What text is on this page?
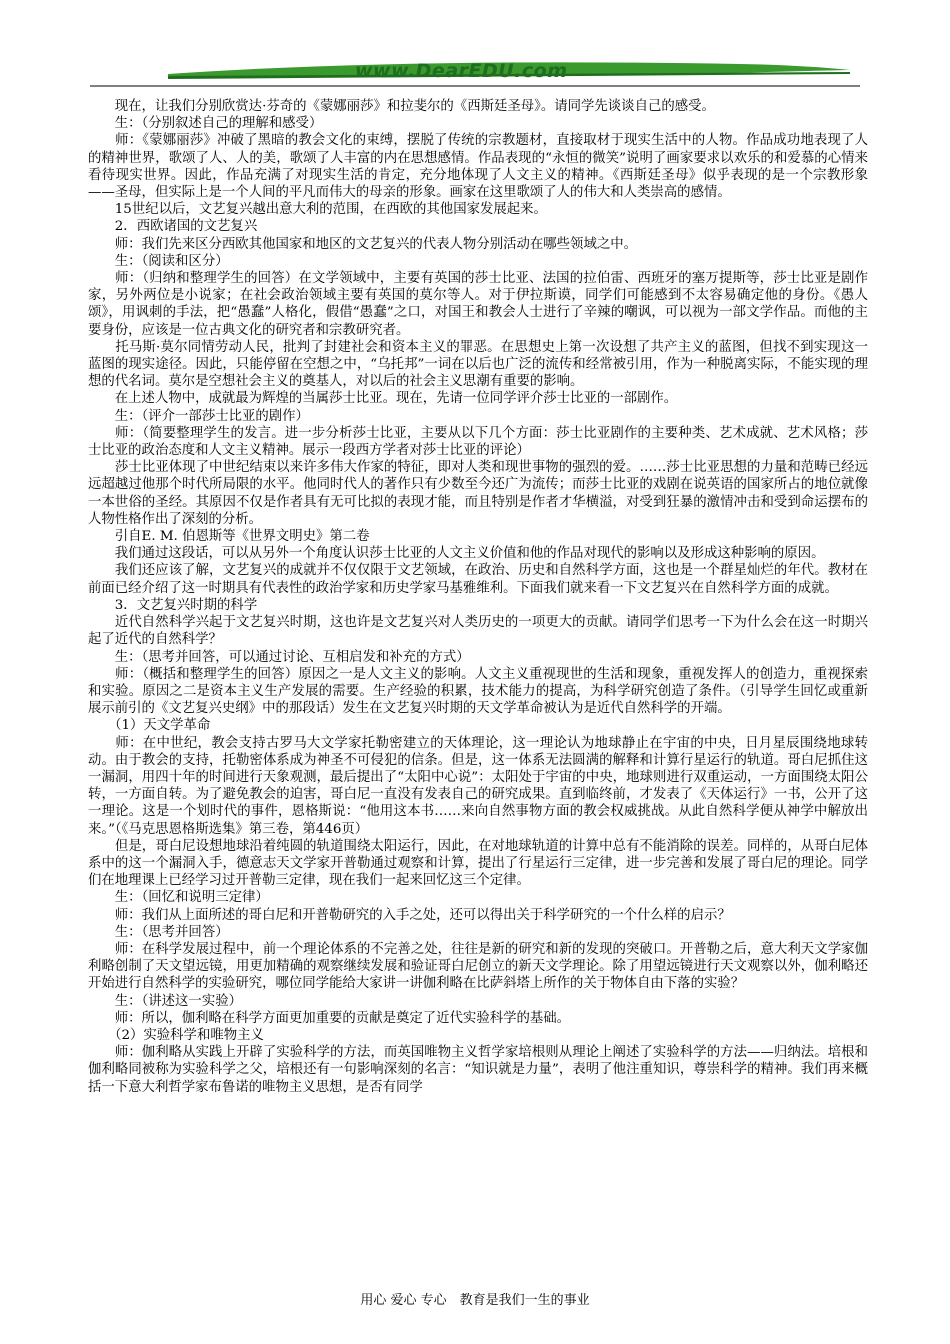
www.DearEDU.com

　　现在，让我们分别欣赏达·芬奇的《蒙娜丽莎》和拉斐尔的《西斯廷圣母》。请同学先谈谈自己的感受。

　　生：（分别叙述自己的理解和感受）

　　师：《蒙娜丽莎》冲破了黑暗的教会文化的束缚，摆脱了传统的宗教题材，直接取材于现实生活中的人物。作品成功地表现了人的精神世界，歌颂了人、人的美，歌颂了人丰富的内在思想感情。作品表现的“永恒的微笑”说明了画家要求以欢乐的和爱慕的心情来看待现实世界。因此，作品充满了对现实生活的肯定，充分地体现了人文主义的精神。《西斯廷圣母》似乎表现的是一个宗教形象——圣母，但实际上是一个人间的平凡而伟大的母亲的形象。画家在这里歌颂了人的伟大和人类崇高的感情。

　　15世纪以后，文艺复兴越出意大利的范围，在西欧的其他国家发展起来。

　　2．西欧诸国的文艺复兴

　　师：我们先来区分西欧其他国家和地区的文艺复兴的代表人物分别活动在哪些领域之中。

　　生：（阅读和区分）

　　师：（归纳和整理学生的回答）在文学领域中，主要有英国的莎士比亚、法国的拉伯雷、西班牙的塞万提斯等，莎士比亚是剧作家，另外两位是小说家；在社会政治领域主要有英国的莫尔等人。对于伊拉斯谟，同学们可能感到不太容易确定他的身份。《愚人颂》，用讽刺的手法，把“愚蠢”人格化，假借“愚蠢”之口，对国王和教会人士进行了辛辣的嘲讽，可以视为一部文学作品。而他的主要身份，应该是一位古典文化的研究者和宗教研究者。

　　托马斯·莫尔同情劳动人民，批判了封建社会和资本主义的罪恶。在思想史上第一次设想了共产主义的蓝图，但找不到实现这一蓝图的现实途径。因此，只能停留在空想之中，“乌托邦”一词在以后也广泛的流传和经常被引用，作为一种脱离实际，不能实现的理想的代名词。莫尔是空想社会主义的奠基人，对以后的社会主义思潮有重要的影响。

　　在上述人物中，成就最为辉煌的当属莎士比亚。现在，先请一位同学评介莎士比亚的一部剧作。

　　生：（评介一部莎士比亚的剧作）

　　师：（简要整理学生的发言。进一步分析莎士比亚，主要从以下几个方面：莎士比亚剧作的主要种类、艺术成就、艺术风格；莎士比亚的政治态度和人文主义精神。展示一段西方学者对莎士比亚的评论）

　　莎士比亚体现了中世纪结束以来许多伟大作家的特征，即对人类和现世事物的强烈的爱。……莎士比亚思想的力量和范畴已经远远超越过他那个时代所局限的水平。他同时代人的著作只有少数至今还广为流传；而莎士比亚的戏剧在说英语的国家所占的地位就像一本世俗的圣经。其原因不仅是作者具有无可比拟的表现才能，而且特别是作者才华横溢，对受到狂暴的激情冲击和受到命运摆布的人物性格作出了深刻的分析。

　　引自E. M. 伯恩斯等《世界文明史》第二卷

　　我们通过这段话，可以从另外一个角度认识莎士比亚的人文主义价值和他的作品对现代的影响以及形成这种影响的原因。

　　我们还应该了解，文艺复兴的成就并不仅仅限于文艺领域，在政治、历史和自然科学方面，这也是一个群星灿烂的年代。教材在前面已经介绍了这一时期具有代表性的政治学家和历史学家马基雅维利。下面我们就来看一下文艺复兴在自然科学方面的成就。

　　3．文艺复兴时期的科学

　　近代自然科学兴起于文艺复兴时期，这也许是文艺复兴对人类历史的一项更大的贡献。请同学们思考一下为什么会在这一时期兴起了近代的自然科学？

　　生：（思考并回答，可以通过讨论、互相启发和补充的方式）

　　师：（概括和整理学生的回答）原因之一是人文主义的影响。人文主义重视现世的生活和现象，重视发挥人的创造力，重视探索和实验。原因之二是资本主义生产发展的需要。生产经验的积累，技术能力的提高，为科学研究创造了条件。（引导学生回忆或重新展示前引的《文艺复兴史纲》中的那段话）发生在文艺复兴时期的天文学革命被认为是近代自然科学的开端。

　　（1）天文学革命

　　师：在中世纪，教会支持古罗马大文学家托勒密建立的天体理论，这一理论认为地球静止在宇宙的中央，日月星辰围绕地球转动。由于教会的支持，托勒密体系成为神圣不可侵犯的信条。但是，这一体系无法圆满的解释和计算行星运行的轨道。哥白尼抓住这一漏洞，用四十年的时间进行天象观测，最后提出了“太阳中心说”：太阳处于宇宙的中央，地球则进行双重运动，一方面围绕太阳公转，一方面自转。为了避免教会的迫害，哥白尼一直没有发表自己的研究成果。直到临终前，才发表了《天体运行》一书，公开了这一理论。这是一个划时代的事件，恩格斯说：“他用这本书……来向自然事物方面的教会权威挑战。从此自然科学便从神学中解放出来。”（《马克思恩格斯选集》第三卷，第446页）

　　但是，哥白尼设想地球沿着纯圆的轨道围绕太阳运行，因此，在对地球轨道的计算中总有不能消除的误差。同样的，从哥白尼体系中的这一个漏洞入手，德意志天文学家开普勒通过观察和计算，提出了行星运行三定律，进一步完善和发展了哥白尼的理论。同学们在地理课上已经学习过开普勒三定律，现在我们一起来回忆这三个定律。

　　生：（回忆和说明三定律）

　　师：我们从上面所述的哥白尼和开普勒研究的入手之处，还可以得出关于科学研究的一个什么样的启示？

　　生：（思考并回答）

　　师：在科学发展过程中，前一个理论体系的不完善之处，往往是新的研究和新的发现的突破口。开普勒之后，意大利天文学家伽利略创制了天文望远镜，用更加精确的观察继续发展和验证哥白尼创立的新天文学理论。除了用望远镜进行天文观察以外，伽利略还开始进行自然科学的实验研究，哪位同学能给大家讲一讲伽利略在比萨斜塔上所作的关于物体自由下落的实验？

　　生：（讲述这一实验）

　　师：所以，伽利略在科学方面更加重要的贡献是奠定了近代实验科学的基础。

　　（2）实验科学和唯物主义

　　师：伽利略从实践上开辟了实验科学的方法，而英国唯物主义哲学家培根则从理论上阐述了实验科学的方法——归纳法。培根和伽利略同被称为实验科学之父，培根还有一句影响深刻的名言：“知识就是力量”，表明了他注重知识，尊崇科学的精神。我们再来概括一下意大利哲学家布鲁诺的唯物主义思想，是否有同学

用心 爱心 专心　教育是我们一生的事业
